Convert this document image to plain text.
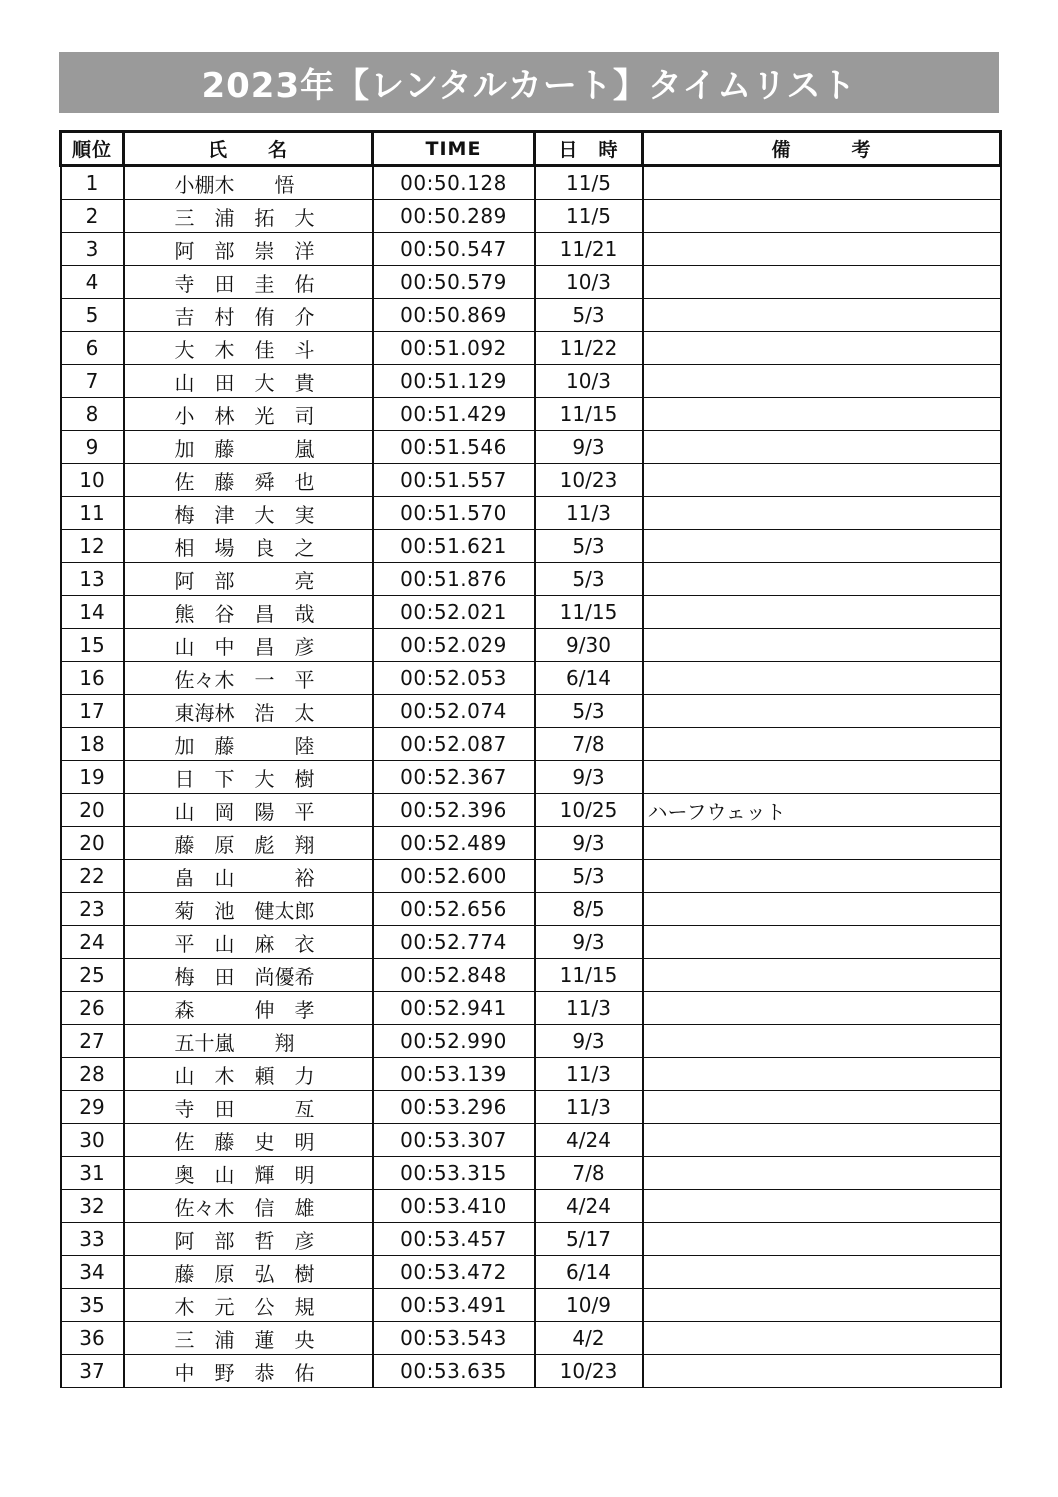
2023年【レンタルカート】タイムリスト
順位	氏　　名	TIME	日　時	備　　　考
1	小棚木　　悟	00:50.128	11/5	
2	三　浦　拓　大	00:50.289	11/5	
3	阿　部　崇　洋	00:50.547	11/21	
4	寺　田　圭　佑	00:50.579	10/3	
5	吉　村　侑　介	00:50.869	5/3	
6	大　木　佳　斗	00:51.092	11/22	
7	山　田　大　貴	00:51.129	10/3	
8	小　林　光　司	00:51.429	11/15	
9	加　藤　　　嵐	00:51.546	9/3	
10	佐　藤　舜　也	00:51.557	10/23	
11	梅　津　大　実	00:51.570	11/3	
12	相　場　良　之	00:51.621	5/3	
13	阿　部　　　亮	00:51.876	5/3	
14	熊　谷　昌　哉	00:52.021	11/15	
15	山　中　昌　彦	00:52.029	9/30	
16	佐々木　一　平	00:52.053	6/14	
17	東海林　浩　太	00:52.074	5/3	
18	加　藤　　　陸	00:52.087	7/8	
19	日　下　大　樹	00:52.367	9/3	
20	山　岡　陽　平	00:52.396	10/25	ハーフウェット
20	藤　原　彪　翔	00:52.489	9/3	
22	畠　山　　　裕	00:52.600	5/3	
23	菊　池　健太郎	00:52.656	8/5	
24	平　山　麻　衣	00:52.774	9/3	
25	梅　田　尚優希	00:52.848	11/15	
26	森　　　伸　孝	00:52.941	11/3	
27	五十嵐　　翔	00:52.990	9/3	
28	山　木　頼　力	00:53.139	11/3	
29	寺　田　　　亙	00:53.296	11/3	
30	佐　藤　史　明	00:53.307	4/24	
31	奥　山　輝　明	00:53.315	7/8	
32	佐々木　信　雄	00:53.410	4/24	
33	阿　部　哲　彦	00:53.457	5/17	
34	藤　原　弘　樹	00:53.472	6/14	
35	木　元　公　規	00:53.491	10/9	
36	三　浦　蓮　央	00:53.543	4/2	
37	中　野　恭　佑	00:53.635	10/23	
